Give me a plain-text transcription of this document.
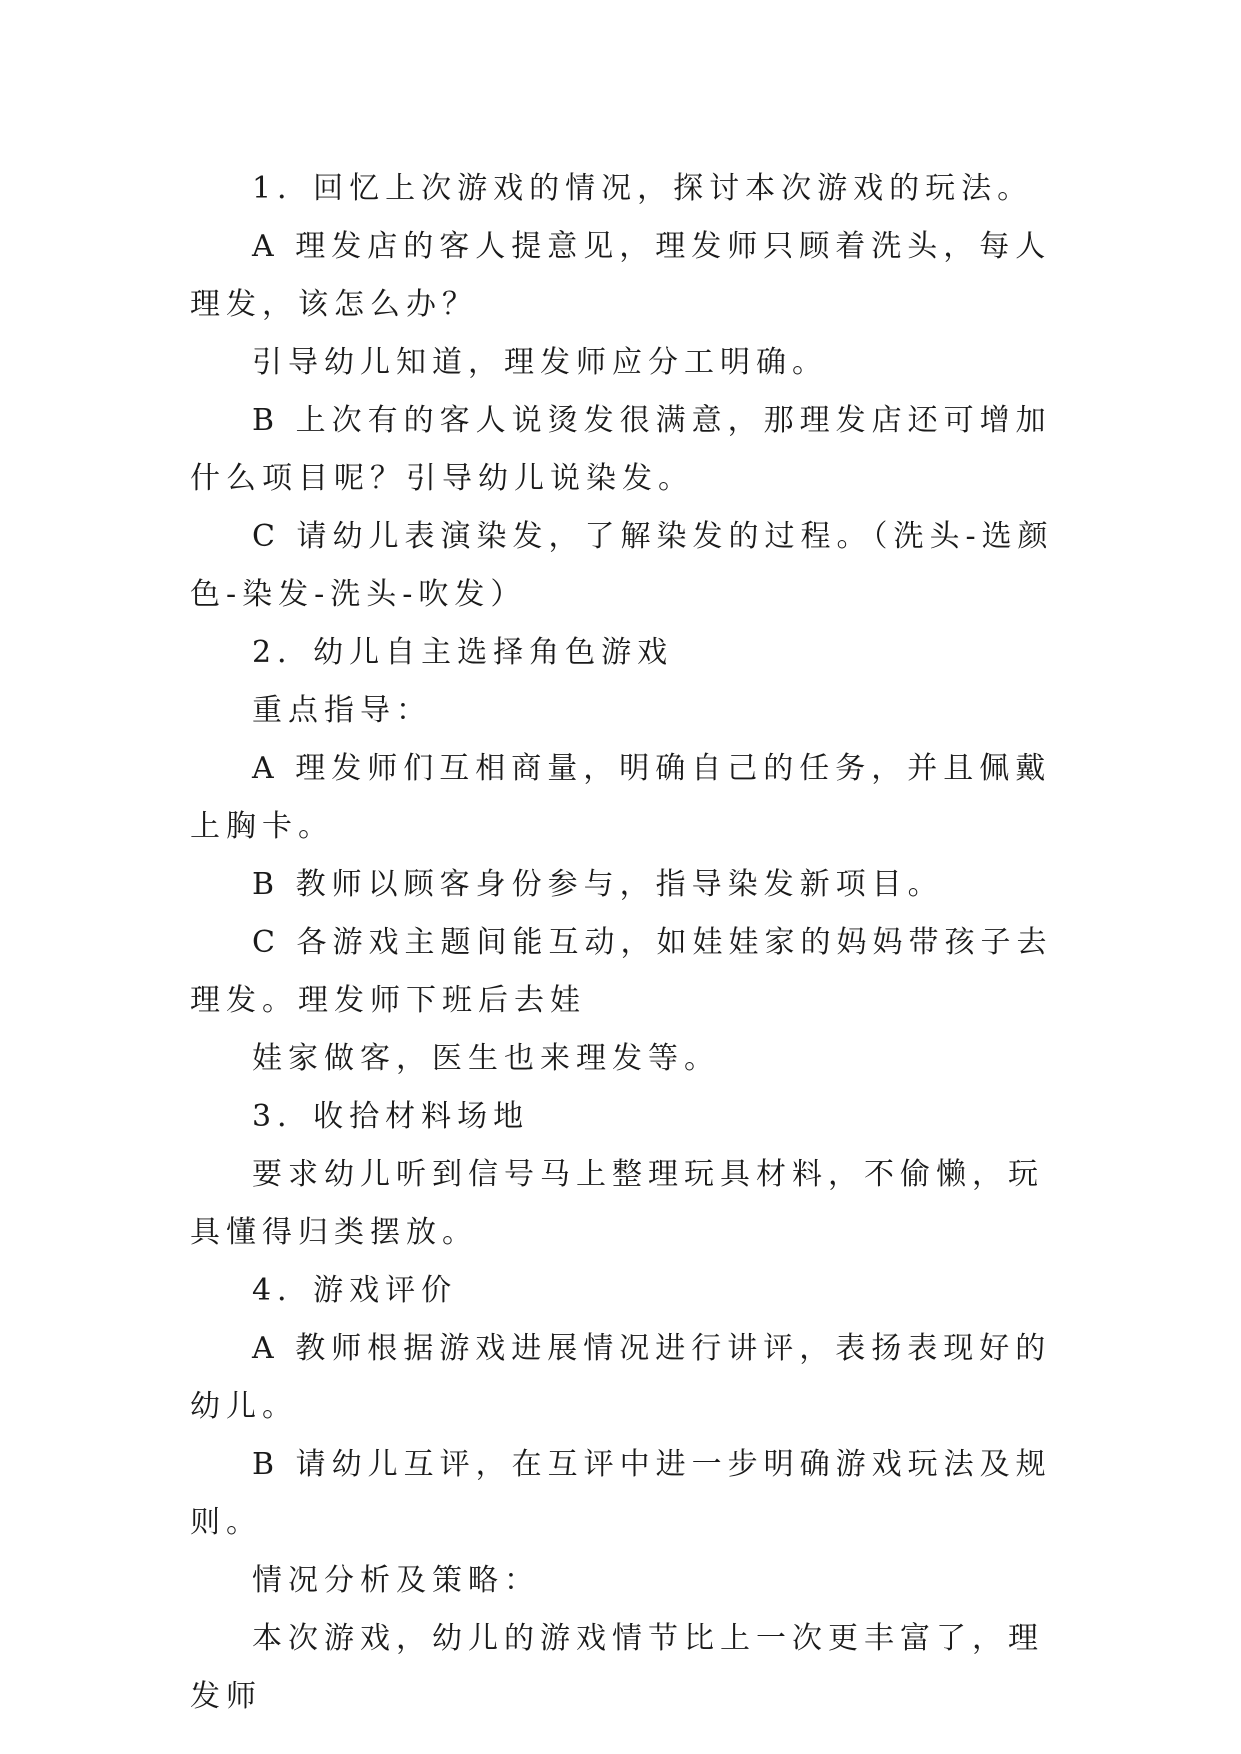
1．回忆上次游戏的情况，探讨本次游戏的玩法。

A 理发店的客人提意见，理发师只顾着洗头，每人理发，该怎么办？

引导幼儿知道，理发师应分工明确。

B 上次有的客人说烫发很满意，那理发店还可增加什么项目呢？引导幼儿说染发。

C 请幼儿表演染发，了解染发的过程。（洗头-选颜色-染发-洗头-吹发）

2．幼儿自主选择角色游戏

重点指导：

A 理发师们互相商量，明确自己的任务，并且佩戴上胸卡。

B 教师以顾客身份参与，指导染发新项目。

C 各游戏主题间能互动，如娃娃家的妈妈带孩子去理发。理发师下班后去娃

娃家做客，医生也来理发等。

3．收拾材料场地

要求幼儿听到信号马上整理玩具材料，不偷懒，玩具懂得归类摆放。

4．游戏评价

A 教师根据游戏进展情况进行讲评，表扬表现好的幼儿。

B 请幼儿互评，在互评中进一步明确游戏玩法及规则。

情况分析及策略：

本次游戏，幼儿的游戏情节比上一次更丰富了，理发师
